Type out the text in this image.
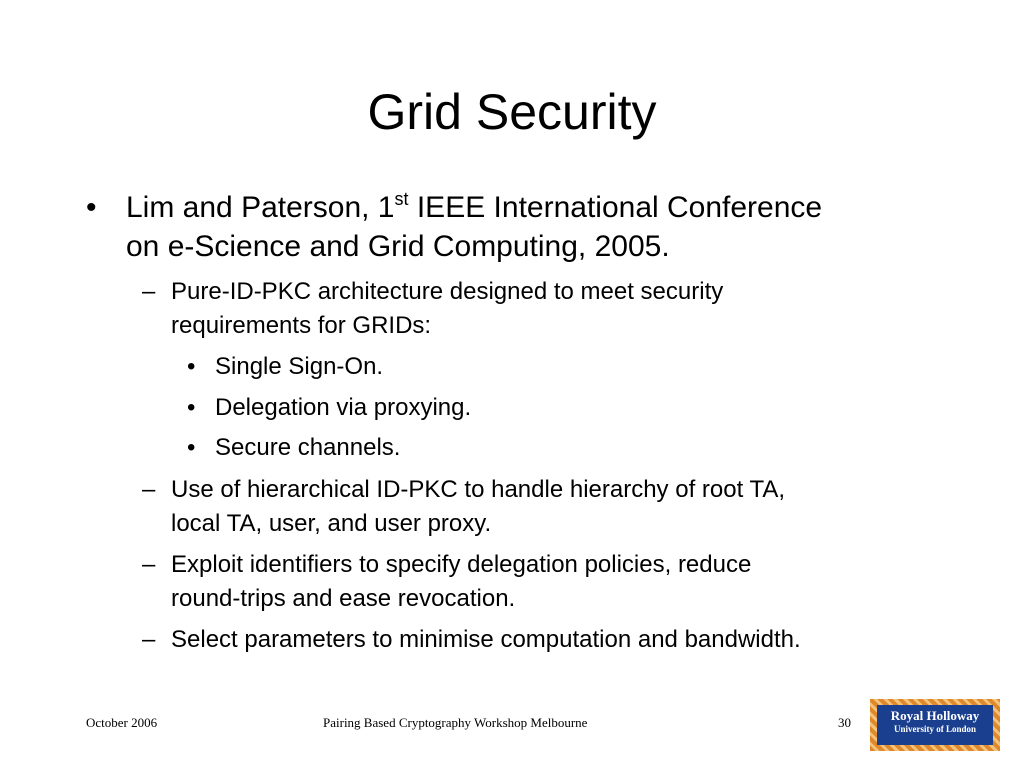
Grid Security
• Lim and Paterson, 1st IEEE International Conference
on e-Science and Grid Computing, 2005.
– Pure-ID-PKC architecture designed to meet security
requirements for GRIDs:
• Single Sign-On.
• Delegation via proxying.
• Secure channels.
– Use of hierarchical ID-PKC to handle hierarchy of root TA,
local TA, user, and user proxy.
– Exploit identifiers to specify delegation policies, reduce
round-trips and ease revocation.
– Select parameters to minimise computation and bandwidth.
October 2006	Pairing Based Cryptography Workshop Melbourne	30	Royal Holloway
University of London
